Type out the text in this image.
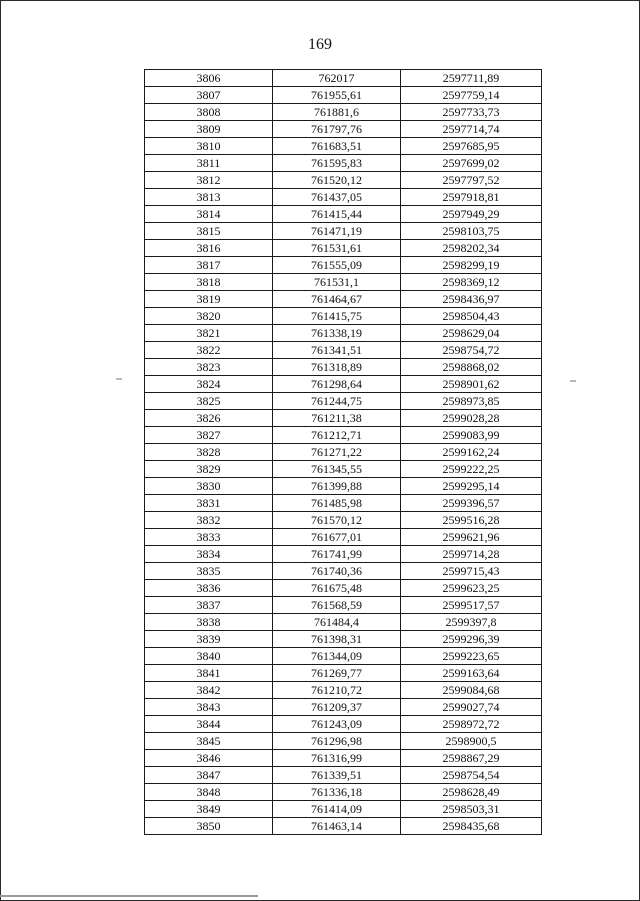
169
3806	762017	2597711,89
3807	761955,61	2597759,14
3808	761881,6	2597733,73
3809	761797,76	2597714,74
3810	761683,51	2597685,95
3811	761595,83	2597699,02
3812	761520,12	2597797,52
3813	761437,05	2597918,81
3814	761415,44	2597949,29
3815	761471,19	2598103,75
3816	761531,61	2598202,34
3817	761555,09	2598299,19
3818	761531,1	2598369,12
3819	761464,67	2598436,97
3820	761415,75	2598504,43
3821	761338,19	2598629,04
3822	761341,51	2598754,72
3823	761318,89	2598868,02
3824	761298,64	2598901,62
3825	761244,75	2598973,85
3826	761211,38	2599028,28
3827	761212,71	2599083,99
3828	761271,22	2599162,24
3829	761345,55	2599222,25
3830	761399,88	2599295,14
3831	761485,98	2599396,57
3832	761570,12	2599516,28
3833	761677,01	2599621,96
3834	761741,99	2599714,28
3835	761740,36	2599715,43
3836	761675,48	2599623,25
3837	761568,59	2599517,57
3838	761484,4	2599397,8
3839	761398,31	2599296,39
3840	761344,09	2599223,65
3841	761269,77	2599163,64
3842	761210,72	2599084,68
3843	761209,37	2599027,74
3844	761243,09	2598972,72
3845	761296,98	2598900,5
3846	761316,99	2598867,29
3847	761339,51	2598754,54
3848	761336,18	2598628,49
3849	761414,09	2598503,31
3850	761463,14	2598435,68
